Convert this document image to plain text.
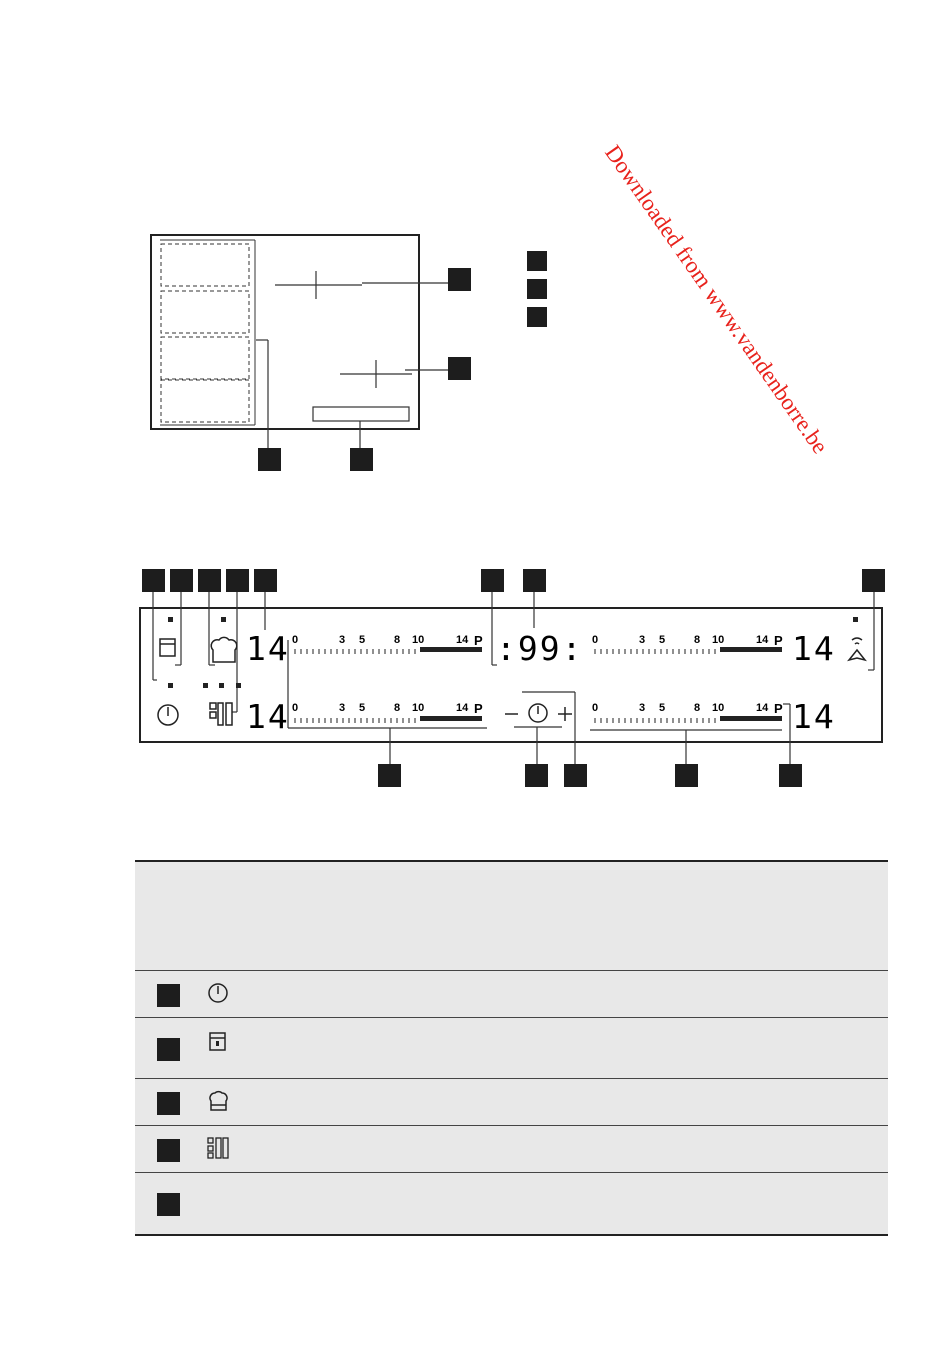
Downloaded from www.vandenborre.be
0	3 5	8 10	14 P
0	3 5	8 10	14 P
0	3 5	8 10	14 P
0	3 5	8 10	14 P
14
14
14
14
:99:
